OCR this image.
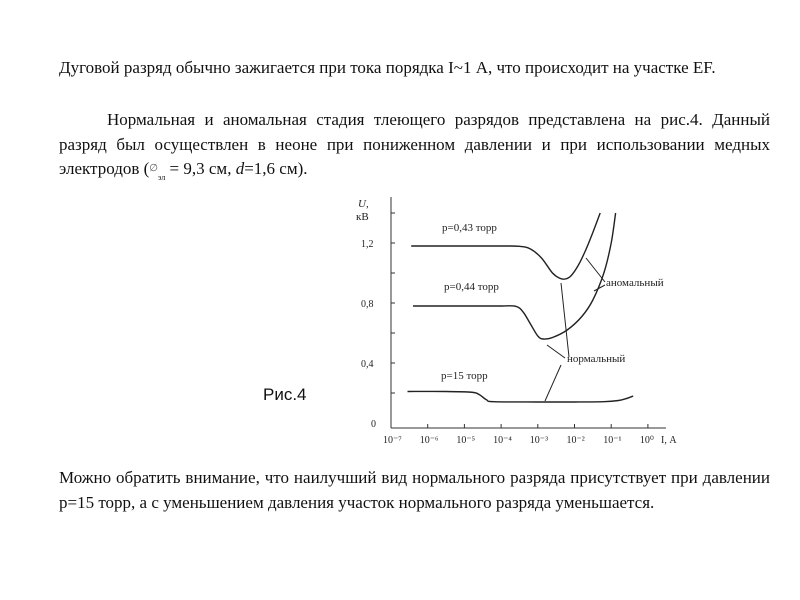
Дуговой разряд обычно зажигается при тока порядка I~1 А, что происходит на участке EF.
Нормальная и аномальная стадия тлеющего разрядов представлена на рис.4. Данный разряд был осуществлен в неоне при пониженном давлении и при использовании медных электродов ($\emptyset_{эл} = 9,3$ см, d=1,6 см).
Рис.4
10⁻⁷ 10⁻⁶ 10⁻⁵ 10⁻⁴ 10⁻³ 10⁻² 10⁻¹ 10⁰
0
0,4
0,8
1,2
U,
кВ
I, А
p=0,43 торр
p=0,44 торр
p=15 торр
аномальный
нормальный
Можно обратить внимание, что наилучший вид нормального разряда присутствует при давлении p=15 торр, а с уменьшением давления участок нормального разряда уменьшается.
